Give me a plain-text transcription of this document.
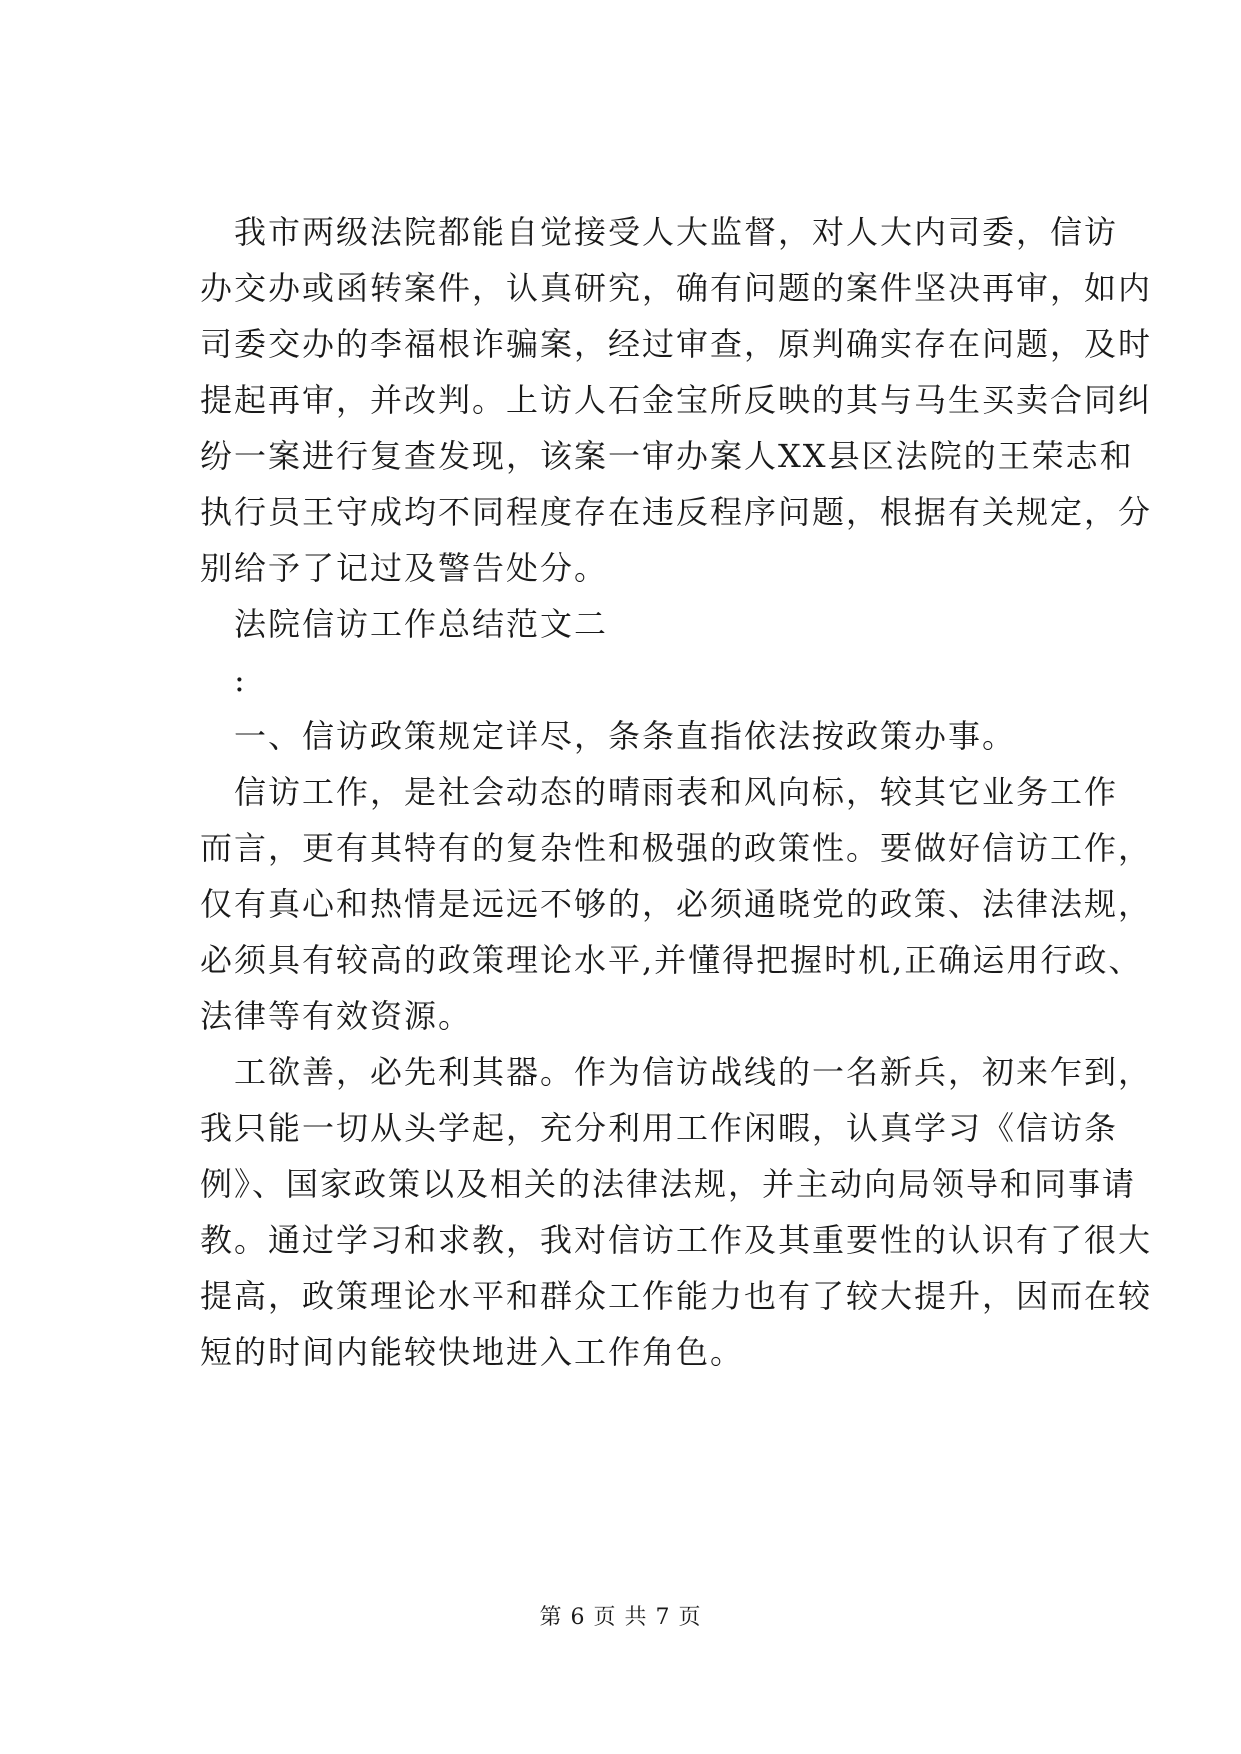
我市两级法院都能自觉接受人大监督，对人大内司委，信访
办交办或函转案件，认真研究，确有问题的案件坚决再审，如内
司委交办的李福根诈骗案，经过审查，原判确实存在问题，及时
提起再审，并改判。上访人石金宝所反映的其与马生买卖合同纠
纷一案进行复查发现，该案一审办案人XX县区法院的王荣志和
执行员王守成均不同程度存在违反程序问题，根据有关规定，分
别给予了记过及警告处分。
法院信访工作总结范文二
:
一、信访政策规定详尽，条条直指依法按政策办事。
信访工作，是社会动态的晴雨表和风向标，较其它业务工作
而言，更有其特有的复杂性和极强的政策性。要做好信访工作，
仅有真心和热情是远远不够的，必须通晓党的政策、法律法规，
必须具有较高的政策理论水平,并懂得把握时机,正确运用行政、
法律等有效资源。
工欲善，必先利其器。作为信访战线的一名新兵，初来乍到，
我只能一切从头学起，充分利用工作闲暇，认真学习《信访条
例》、国家政策以及相关的法律法规，并主动向局领导和同事请
教。通过学习和求教，我对信访工作及其重要性的认识有了很大
提高，政策理论水平和群众工作能力也有了较大提升，因而在较
短的时间内能较快地进入工作角色。
第 6 页 共 7 页
